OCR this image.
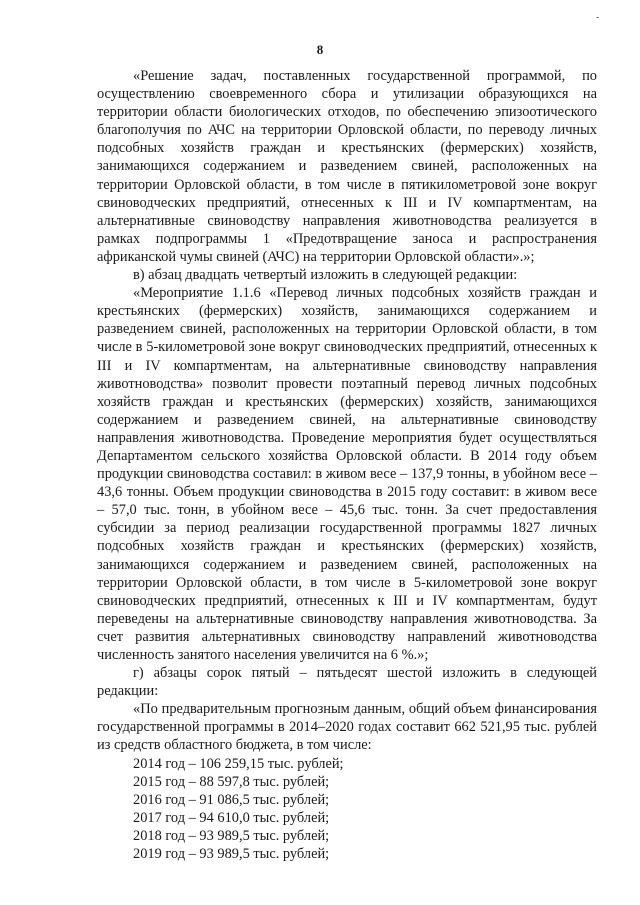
-
8

«Решение задач, поставленных государственной программой, по осуществлению своевременного сбора и утилизации образующихся на территории области биологических отходов, по обеспечению эпизоотического благополучия по АЧС на территории Орловской области, по переводу личных подсобных хозяйств граждан и крестьянских (фермерских) хозяйств, занимающихся содержанием и разведением свиней, расположенных на территории Орловской области, в том числе в пятикилометровой зоне вокруг свиноводческих предприятий, отнесенных к III и IV компартментам, на альтернативные свиноводству направления животноводства реализуется в рамках подпрограммы 1 «Предотвращение заноса и распространения африканской чумы свиней (АЧС) на территории Орловской области».»;

в) абзац двадцать четвертый изложить в следующей редакции:

«Мероприятие 1.1.6 «Перевод личных подсобных хозяйств граждан и крестьянских (фермерских) хозяйств, занимающихся содержанием и разведением свиней, расположенных на территории Орловской области, в том числе в 5-километровой зоне вокруг свиноводческих предприятий, отнесенных к III и IV компартментам, на альтернативные свиноводству направления животноводства» позволит провести поэтапный перевод личных подсобных хозяйств граждан и крестьянских (фермерских) хозяйств, занимающихся содержанием и разведением свиней, на альтернативные свиноводству направления животноводства. Проведение мероприятия будет осуществляться Департаментом сельского хозяйства Орловской области. В 2014 году объем продукции свиноводства составил: в живом весе – 137,9 тонны, в убойном весе – 43,6 тонны. Объем продукции свиноводства в 2015 году составит: в живом весе – 57,0 тыс. тонн, в убойном весе – 45,6 тыс. тонн. За счет предоставления субсидии за период реализации государственной программы 1827 личных подсобных хозяйств граждан и крестьянских (фермерских) хозяйств, занимающихся содержанием и разведением свиней, расположенных на территории Орловской области, в том числе в 5-километровой зоне вокруг свиноводческих предприятий, отнесенных к III и IV компартментам, будут переведены на альтернативные свиноводству направления животноводства. За счет развития альтернативных свиноводству направлений животноводства численность занятого населения увеличится на 6 %.»;

г) абзацы сорок пятый – пятьдесят шестой изложить в следующей редакции:

«По предварительным прогнозным данным, общий объем финансирования государственной программы в 2014–2020 годах составит 662 521,95 тыс. рублей из средств областного бюджета, в том числе:

2014 год – 106 259,15 тыс. рублей;
2015 год – 88 597,8 тыс. рублей;
2016 год – 91 086,5 тыс. рублей;
2017 год – 94 610,0 тыс. рублей;
2018 год – 93 989,5 тыс. рублей;
2019 год – 93 989,5 тыс. рублей;
